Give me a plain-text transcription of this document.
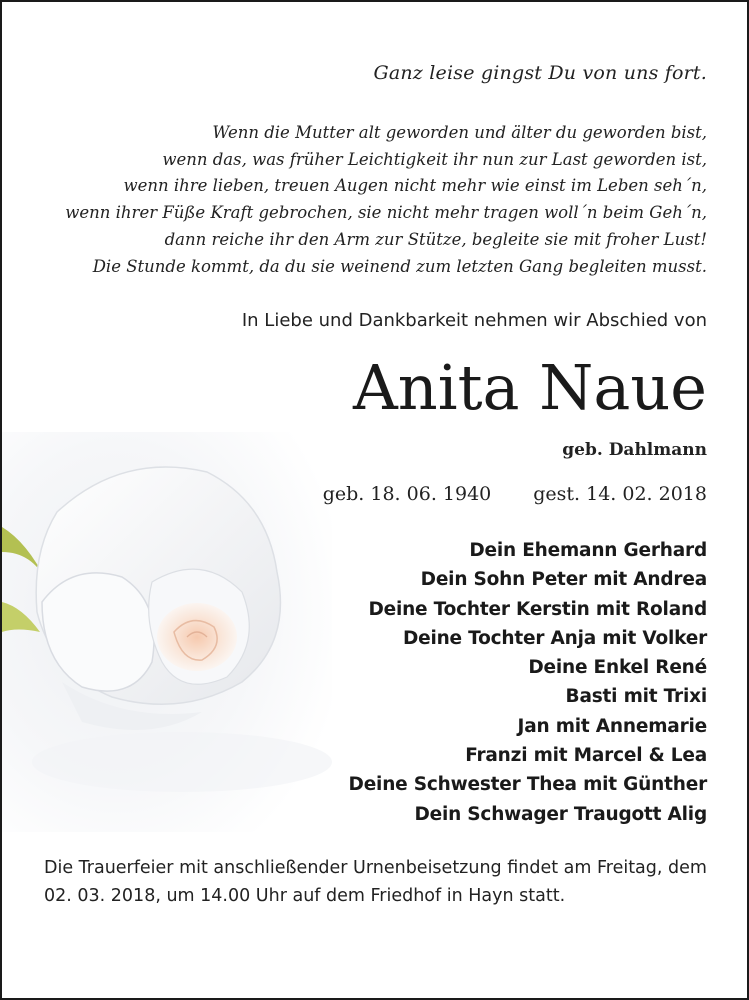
Ganz leise gingst Du von uns fort.

Wenn die Mutter alt geworden und älter du geworden bist,
wenn das, was früher Leichtigkeit ihr nun zur Last geworden ist,
wenn ihre lieben, treuen Augen nicht mehr wie einst im Leben seh´n,
wenn ihrer Füße Kraft gebrochen, sie nicht mehr tragen woll´n beim Geh´n,
dann reiche ihr den Arm zur Stütze, begleite sie mit froher Lust!
Die Stunde kommt, da du sie weinend zum letzten Gang begleiten musst.

In Liebe und Dankbarkeit nehmen wir Abschied von

Anita Naue

geb. Dahlmann

geb. 18. 06. 1940 gest. 14. 02. 2018

Dein Ehemann Gerhard
Dein Sohn Peter mit Andrea
Deine Tochter Kerstin mit Roland
Deine Tochter Anja mit Volker
Deine Enkel René
Basti mit Trixi
Jan mit Annemarie
Franzi mit Marcel & Lea
Deine Schwester Thea mit Günther
Dein Schwager Traugott Alig

Die Trauerfeier mit anschließender Urnenbeisetzung findet am Freitag, dem 02. 03. 2018, um 14.00 Uhr auf dem Friedhof in Hayn statt.
